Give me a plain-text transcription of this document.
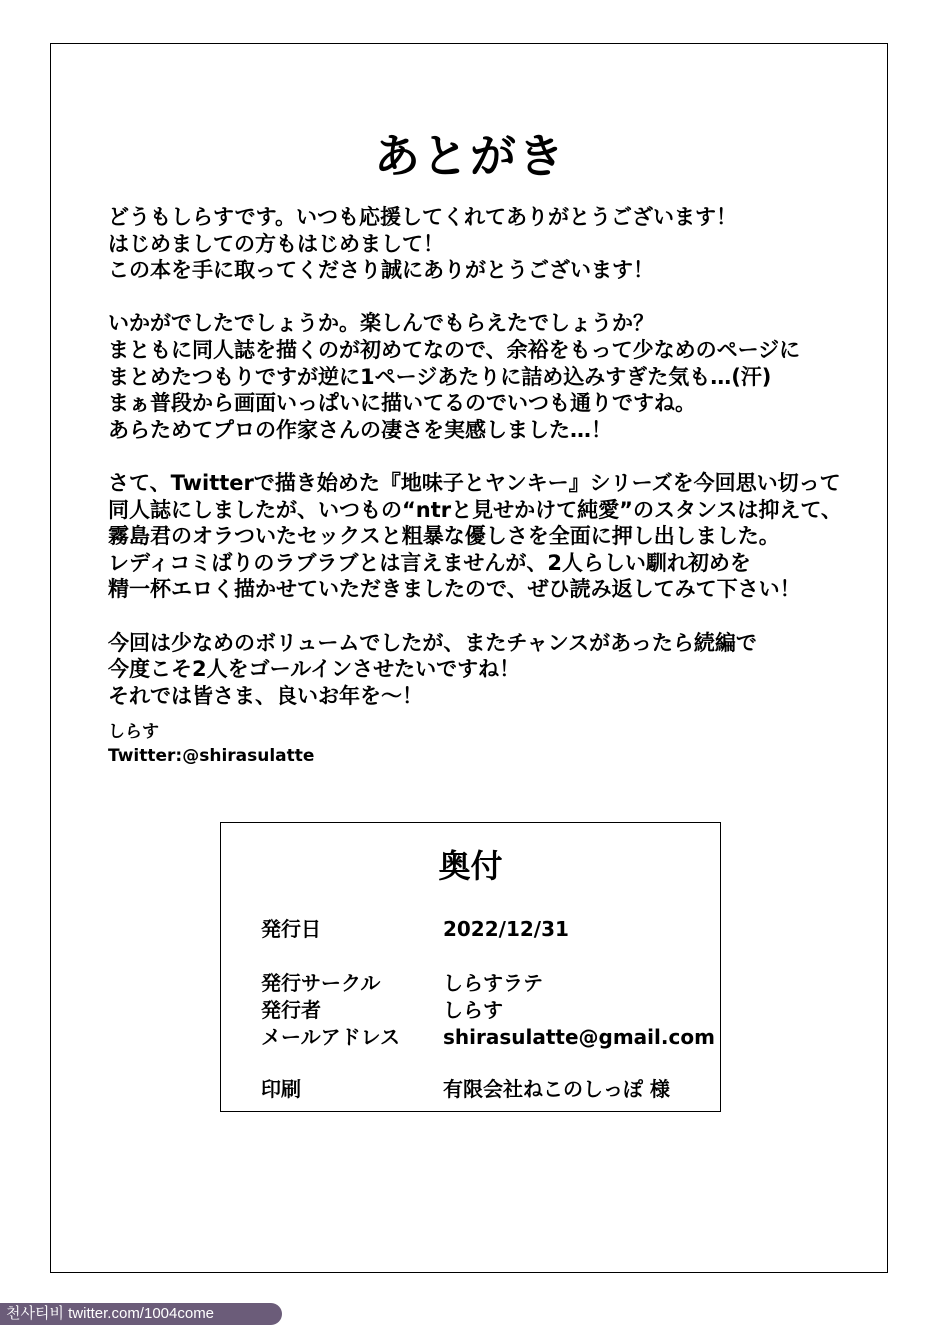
あとがき

どうもしらすです。いつも応援してくれてありがとうございます！
はじめましての方もはじめまして！
この本を手に取ってくださり誠にありがとうございます！

いかがでしたでしょうか。楽しんでもらえたでしょうか？
まともに同人誌を描くのが初めてなので、余裕をもって少なめのページに
まとめたつもりですが逆に1ページあたりに詰め込みすぎた気も…(汗)
まぁ普段から画面いっぱいに描いてるのでいつも通りですね。
あらためてプロの作家さんの凄さを実感しました…！

さて、Twitterで描き始めた『地味子とヤンキー』シリーズを今回思い切って
同人誌にしましたが、いつもの“ntrと見せかけて純愛”のスタンスは抑えて、
霧島君のオラついたセックスと粗暴な優しさを全面に押し出しました。
レディコミばりのラブラブとは言えませんが、2人らしい馴れ初めを
精一杯エロく描かせていただきましたので、ぜひ読み返してみて下さい！

今回は少なめのボリュームでしたが、またチャンスがあったら続編で
今度こそ2人をゴールインさせたいですね！
それでは皆さま、良いお年を〜！

しらす
Twitter:@shirasulatte
奥付
発行日	2022/12/31
発行サークル	しらすラテ
発行者	しらす
メールアドレス shirasulatte@gmail.com
印刷	有限会社ねこのしっぽ 様
천사티비 twitter.com/1004come
